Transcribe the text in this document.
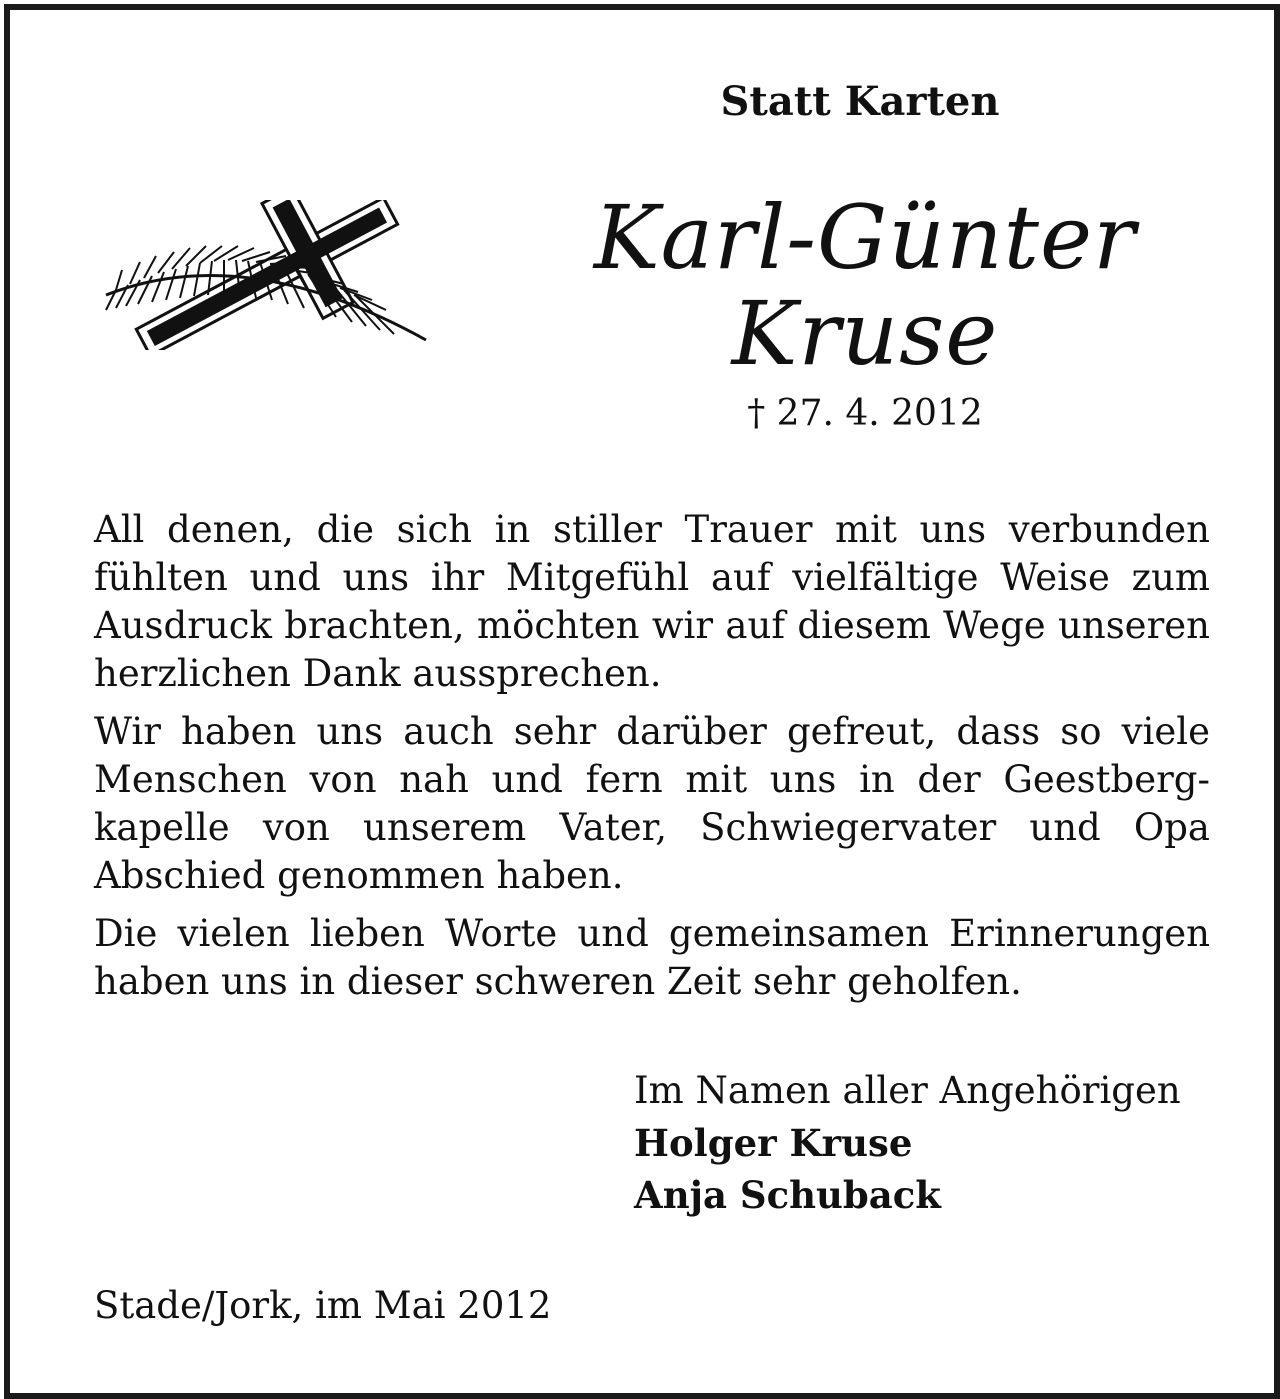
Statt Karten
Karl-Günter
Kruse
† 27. 4. 2012

All denen, die sich in stiller Trauer mit uns verbunden fühlten und uns ihr Mitgefühl auf vielfältige Weise zum Ausdruck brachten, möchten wir auf diesem Wege unseren herzlichen Dank aussprechen.

Wir haben uns auch sehr darüber gefreut, dass so viele Menschen von nah und fern mit uns in der Geestbergkapelle von unserem Vater, Schwiegervater und Opa Abschied genommen haben.

Die vielen lieben Worte und gemeinsamen Erinnerungen haben uns in dieser schweren Zeit sehr geholfen.

Im Namen aller Angehörigen
Holger Kruse
Anja Schuback
Stade/Jork, im Mai 2012
